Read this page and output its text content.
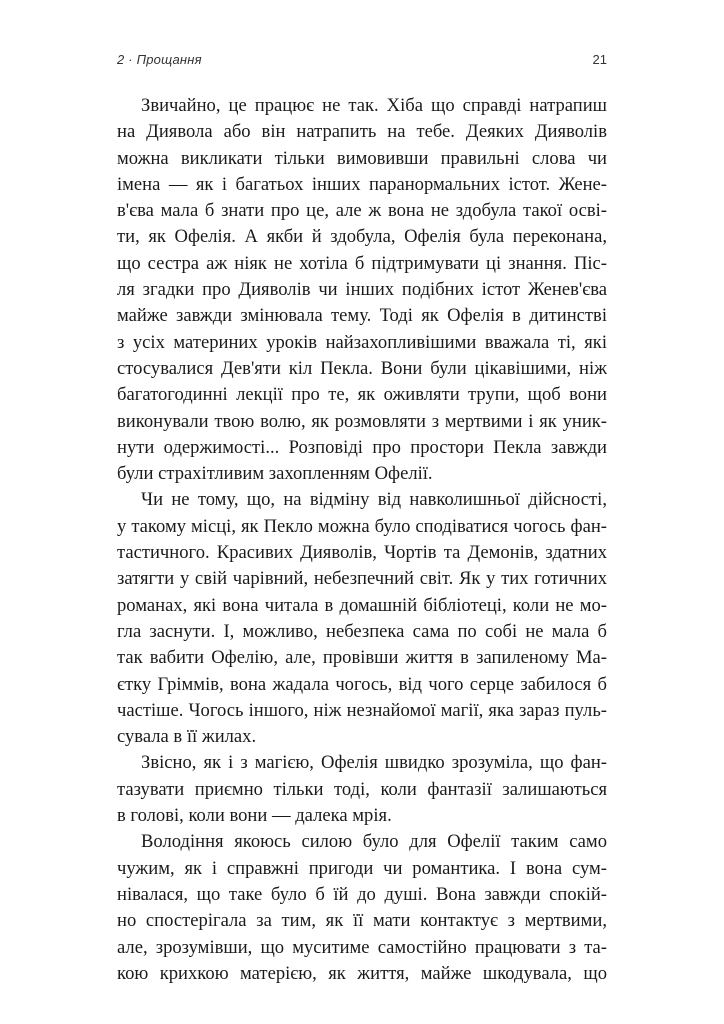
2 · Прощання	21
Звичайно, це працює не так. Хіба що справді натрапиш
на Диявола або він натрапить на тебе. Деяких Дияволів
можна викликати тільки вимовивши правильні слова чи
імена — як і багатьох інших паранормальних істот. Жене-
в'єва мала б знати про це, але ж вона не здобула такої осві-
ти, як Офелія. А якби й здобула, Офелія була переконана,
що сестра аж ніяк не хотіла б підтримувати ці знання. Піс-
ля згадки про Дияволів чи інших подібних істот Женев'єва
майже завжди змінювала тему. Тоді як Офелія в дитинстві
з усіх материних уроків найзахопливішими вважала ті, які
стосувалися Дев'яти кіл Пекла. Вони були цікавішими, ніж
багатогодинні лекції про те, як оживляти трупи, щоб вони
виконували твою волю, як розмовляти з мертвими і як уник-
нути одержимості... Розповіді про простори Пекла завжди
були страхітливим захопленням Офелії.
Чи не тому, що, на відміну від навколишньої дійсності,
у такому місці, як Пекло можна було сподіватися чогось фан-
тастичного. Красивих Дияволів, Чортів та Демонів, здатних
затягти у свій чарівний, небезпечний світ. Як у тих готичних
романах, які вона читала в домашній бібліотеці, коли не мо-
гла заснути. І, можливо, небезпека сама по собі не мала б
так вабити Офелію, але, провівши життя в запиленому Ма-
єтку Гріммів, вона жадала чогось, від чого серце забилося б
частіше. Чогось іншого, ніж незнайомої магії, яка зараз пуль-
сувала в її жилах.
Звісно, як і з магією, Офелія швидко зрозуміла, що фан-
тазувати приємно тільки тоді, коли фантазії залишаються
в голові, коли вони — далека мрія.
Володіння якоюсь силою було для Офелії таким само
чужим, як і справжні пригоди чи романтика. І вона сум-
нівалася, що таке було б їй до душі. Вона завжди спокій-
но спостерігала за тим, як її мати контактує з мертвими,
але, зрозумівши, що муситиме самостійно працювати з та-
кою крихкою матерією, як життя, майже шкодувала, що
